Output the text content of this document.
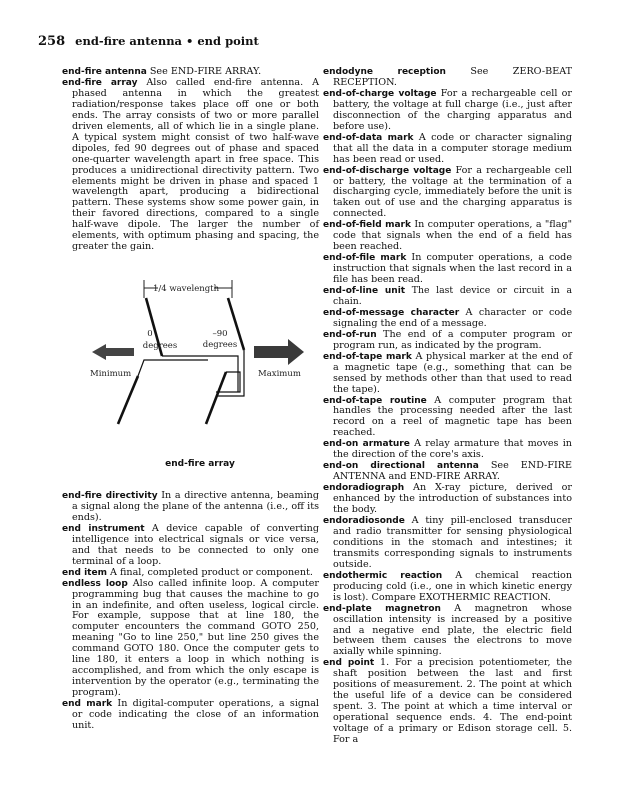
258 end-fire antenna • end point

end-fire antenna See END-FIRE ARRAY.

end-fire array Also called end-fire antenna. A phased antenna in which the greatest radiation/response takes place off one or both ends. The array consists of two or more parallel driven elements, all of which lie in a single plane. A typical system might consist of two half-wave dipoles, fed 90 degrees out of phase and spaced one-quarter wavelength apart in free space. This produces a unidirectional directivity pattern. Two elements might be driven in phase and spaced 1 wavelength apart, producing a bidirectional pattern. These systems show some power gain, in their favored directions, compared to a single half-wave dipole. The larger the number of elements, with optimum phasing and spacing, the greater the gain.

1/4 wavelength
0
degrees
–90
degrees
Minimum	Maximum
end-fire array

end-fire directivity In a directive antenna, beaming a signal along the plane of the antenna (i.e., off its ends).

end instrument A device capable of converting intelligence into electrical signals or vice versa, and that needs to be connected to only one terminal of a loop.

end item A final, completed product or component.

endless loop Also called infinite loop. A computer programming bug that causes the machine to go in an indefinite, and often useless, logical circle. For example, suppose that at line 180, the computer encounters the command GOTO 250, meaning "Go to line 250," but line 250 gives the command GOTO 180. Once the computer gets to line 180, it enters a loop in which nothing is accomplished, and from which the only escape is intervention by the operator (e.g., terminating the program).

end mark In digital-computer operations, a signal or code indicating the close of an information unit.

endodyne reception See ZERO-BEAT RECEPTION.

end-of-charge voltage For a rechargeable cell or battery, the voltage at full charge (i.e., just after disconnection of the charging apparatus and before use).

end-of-data mark A code or character signaling that all the data in a computer storage medium has been read or used.

end-of-discharge voltage For a rechargeable cell or battery, the voltage at the termination of a discharging cycle, immediately before the unit is taken out of use and the charging apparatus is connected.

end-of-field mark In computer operations, a "flag" code that signals when the end of a field has been reached.

end-of-file mark In computer operations, a code instruction that signals when the last record in a file has been read.

end-of-line unit The last device or circuit in a chain.

end-of-message character A character or code signaling the end of a message.

end-of-run The end of a computer program or program run, as indicated by the program.

end-of-tape mark A physical marker at the end of a magnetic tape (e.g., something that can be sensed by methods other than that used to read the tape).

end-of-tape routine A computer program that handles the processing needed after the last record on a reel of magnetic tape has been reached.

end-on armature A relay armature that moves in the direction of the core's axis.

end-on directional antenna See END-FIRE ANTENNA and END-FIRE ARRAY.

endoradiograph An X-ray picture, derived or enhanced by the introduction of substances into the body.

endoradiosonde A tiny pill-enclosed transducer and radio transmitter for sensing physiological conditions in the stomach and intestines; it transmits corresponding signals to instruments outside.

endothermic reaction A chemical reaction producing cold (i.e., one in which kinetic energy is lost). Compare EXOTHERMIC REACTION.

end-plate magnetron A magnetron whose oscillation intensity is increased by a positive and a negative end plate, the electric field between them causes the electrons to move axially while spinning.

end point 1. For a precision potentiometer, the shaft position between the last and first positions of measurement. 2. The point at which the useful life of a device can be considered spent. 3. The point at which a time interval or operational sequence ends. 4. The end-point voltage of a primary or Edison storage cell. 5. For a
